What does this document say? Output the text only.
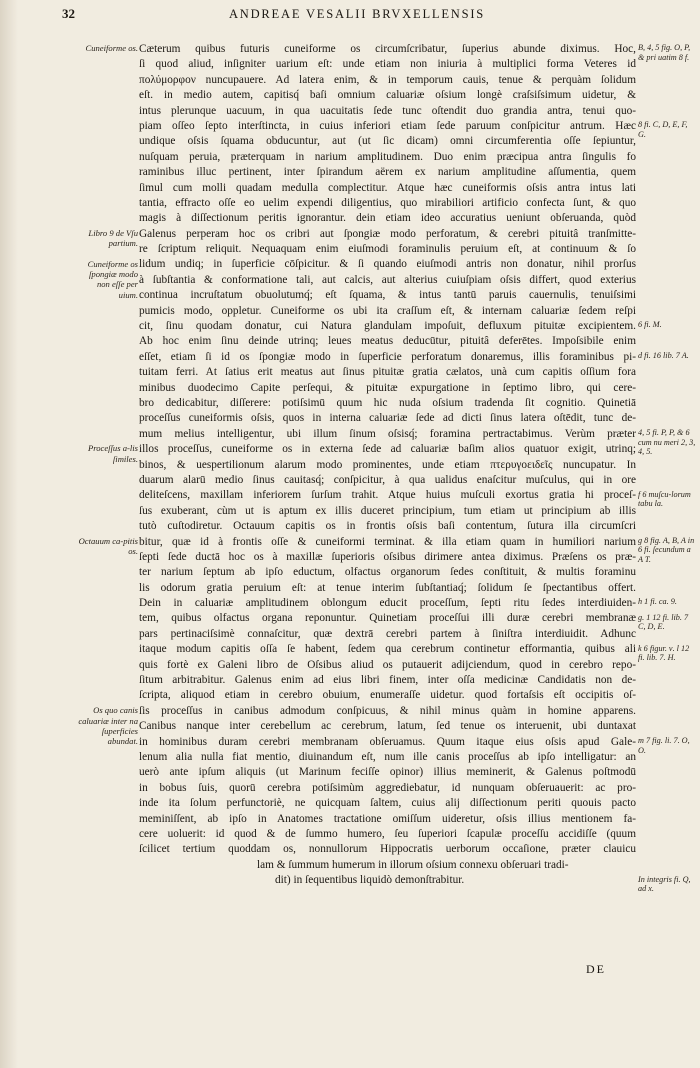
32	ANDREAE VESALII BRVXELLENSIS
Cæterum quibus futuris cuneiforme os circumſcribatur, ſuperius abunde diximus. Hoc,
ſi quod aliud, inſigniter uarium eſt: unde etiam non iniuria à multiplici forma Veteres id
πολύμορφον nuncupauere. Ad latera enim, & in temporum cauis, tenue & perquàm ſolidum
eſt. in medio autem, capitisq́ baſi omnium caluariæ oſsium longè craſsiſsimum uidetur, &
intus plerunque uacuum, in qua uacuitatis ſede tunc oſtendit duo grandia antra, tenui quo-
piam oſſeo ſepto interſtincta, in cuius inferiori etiam ſede paruum conſpicitur antrum. Hæc
undique oſsis ſquama obducuntur, aut (ut ſic dicam) omni circumferentia oſſe ſepiuntur,
nuſquam peruia, præterquam in narium amplitudinem. Duo enim præcipua antra ſingulis fo
raminibus illuc pertinent, inter ſpirandum aërem ex narium amplitudine aſſumentia, quem
ſimul cum molli quadam medulla complectitur. Atque hæc cuneiformis oſsis antra intus lati
tantia, effracto oſſe eo uelim expendi diligentius, quo mirabiliori artificio confecta ſunt, & quo
magis à diſſectionum peritis ignorantur. dein etiam ideo accuratius ueniunt obſeruanda, quòd
Galenus perperam hoc os cribri aut ſpongiæ modo perforatum, & cerebri pituitâ tranſmitte-
re ſcriptum reliquit. Nequaquam enim eiuſmodi foraminulis peruium eſt, at continuum & ſo
lidum undiq; in ſuperficie cōſpicitur. & ſi quando eiuſmodi antris non donatur, nihil prorſus
à ſubſtantia & conformatione tali, aut calcis, aut alterius cuiuſpiam oſsis differt, quod exterius
continua incruſtatum obuolutumq́; eſt ſquama, & intus tantū paruis cauernulis, tenuiſsimi
pumicis modo, oppletur. Cuneiforme os ubi ita craſſum eſt, & internam caluariæ ſedem reſpi
cit, ſinu quodam donatur, cui Natura glandulam impoſuit, defluxum pituitæ excipientem.
Ab hoc enim ſinu deinde utrinq; leues meatus deducūtur, pituitâ deferētes. Impoſsibile enim
eſſet, etiam ſi id os ſpongiæ modo in ſuperficie perforatum donaremus, illis foraminibus pi-
tuitam ferri. At ſatius erit meatus aut ſinus pituitæ gratia cælatos, unà cum capitis oſſium fora
minibus duodecimo Capite perſequi, & pituitæ expurgatione in ſeptimo libro, qui cere-
bro dedicabitur, diſſerere: potiſsimū quum hic nuda oſsium tradenda ſit cognitio. Quinetiā
proceſſus cuneiformis oſsis, quos in interna caluariæ ſede ad dicti ſinus latera oſtēdit, tunc de-
mum melius intelligentur, ubi illum ſinum oſsisq́; foramina pertractabimus. Verùm præter
illos proceſſus, cuneiforme os in externa ſede ad caluariæ baſim alios quatuor exigit, utrinq;
binos, & uespertilionum alarum modo prominentes, unde etiam πτερυγοειδεῖς nuncupatur. In
duarum alarū medio ſinus cauitasq́; conſpicitur, à qua ualidus enaſcitur muſculus, qui in ore
deliteſcens, maxillam inferiorem ſurſum trahit. Atque huius muſculi exortus gratia hi proceſ-
ſus exuberant, cùm ut is aptum ex illis duceret principium, tum etiam ut principium ab illis
tutò cuſtodiretur. Octauum capitis os in frontis oſsis baſi contentum, ſutura illa circumſcri
bitur, quæ id à frontis oſſe & cuneiformi terminat. & illa etiam quam in humiliori narium
ſepti ſede ductā hoc os à maxillæ ſuperioris oſsibus dirimere antea diximus. Præſens os præ-
ter narium ſeptum ab ipſo eductum, olfactus organorum ſedes conſtituit, & multis foraminu
lis odorum gratia peruium eſt: at tenue interim ſubſtantiaq́; ſolidum ſe ſpectantibus offert.
Dein in caluariæ amplitudinem oblongum educit proceſſum, ſepti ritu ſedes interdiuiden-
tem, quibus olfactus organa reponuntur. Quinetiam proceſſui illi duræ cerebri membranæ
pars pertinaciſsimè connaſcitur, quæ dextrā cerebri partem à ſiniſtra interdiuidit. Adhunc
itaque modum capitis oſſa ſe habent, ſedem qua cerebrum continetur efformantia, quibus ali
quis fortè ex Galeni libro de Oſsibus aliud os putauerit adijciendum, quod in cerebro repo-
ſitum arbitrabitur. Galenus enim ad eius libri finem, inter oſſa medicinæ Candidatis non de-
ſcripta, aliquod etiam in cerebro obuium, enumeraſſe uidetur. quod fortaſsis eſt occipitis oſ-
ſis proceſſus in canibus admodum conſpicuus, & nihil minus quàm in homine apparens.
Canibus nanque inter cerebellum ac cerebrum, latum, ſed tenue os interuenit, ubi duntaxat
in hominibus duram cerebri membranam obſeruamus. Quum itaque eius oſsis apud Gale-
lenum alia nulla fiat mentio, diuinandum eſt, num ille canis proceſſus ab ipſo intelligatur: an
uerò ante ipſum aliquis (ut Marinum feciſſe opinor) illius meminerit, & Galenus poſtmodū
in bobus ſuis, quorū cerebra potiſsimùm aggrediebatur, id nunquam obſeruauerit: ac pro-
inde ita ſolum perfunctoriè, ne quicquam ſaltem, cuius alij diſſectionum periti quouis pacto
meminiſſent, ab ipſo in Anatomes tractatione omiſſum uideretur, oſsis illius mentionem fa-
cere uoluerit: id quod & de ſummo humero, ſeu ſuperiori ſcapulæ proceſſu accidiſſe (quum
ſcilicet tertium quoddam os, nonnullorum Hippocratis uerborum occaſione, præter clauicu
lam & ſummum humerum in illorum oſsium connexu obſeruari tradi-
dit) in ſequentibus liquidò demonſtrabitur.
Cuneiforme os.
Libro 9 de Vſu partium.
Cuneiforme os ſpongiæ modo non eſſe per uium.
Proceſſus a-lis ſimiles.
Octauum ca-pitis os.
Os quo canis caluariæ inter na ſuperficies abundat.
B, 4, 5 fig. O, P, & pri uatim 8 f.
8 fi. C, D, E, F, G.
6 fi. M.
d fi. 16 lib. 7 A.
4, 5 fi. P, P, & 6 cum nu meri 2, 3, 4, 5.
f 6 muſcu-lorum tabu la.
g 8 fig. A, B, A in 6 fi. ſecundum a A T.
h 1 fi. ca. 9.
g. 1 12 fi. lib. 7 C, D, E.
k 6 figur. ν. l 12 fi. lib. 7. H.
m 7 fig. li. 7. O, O.
In integris fi. Q, ad x.
DE
